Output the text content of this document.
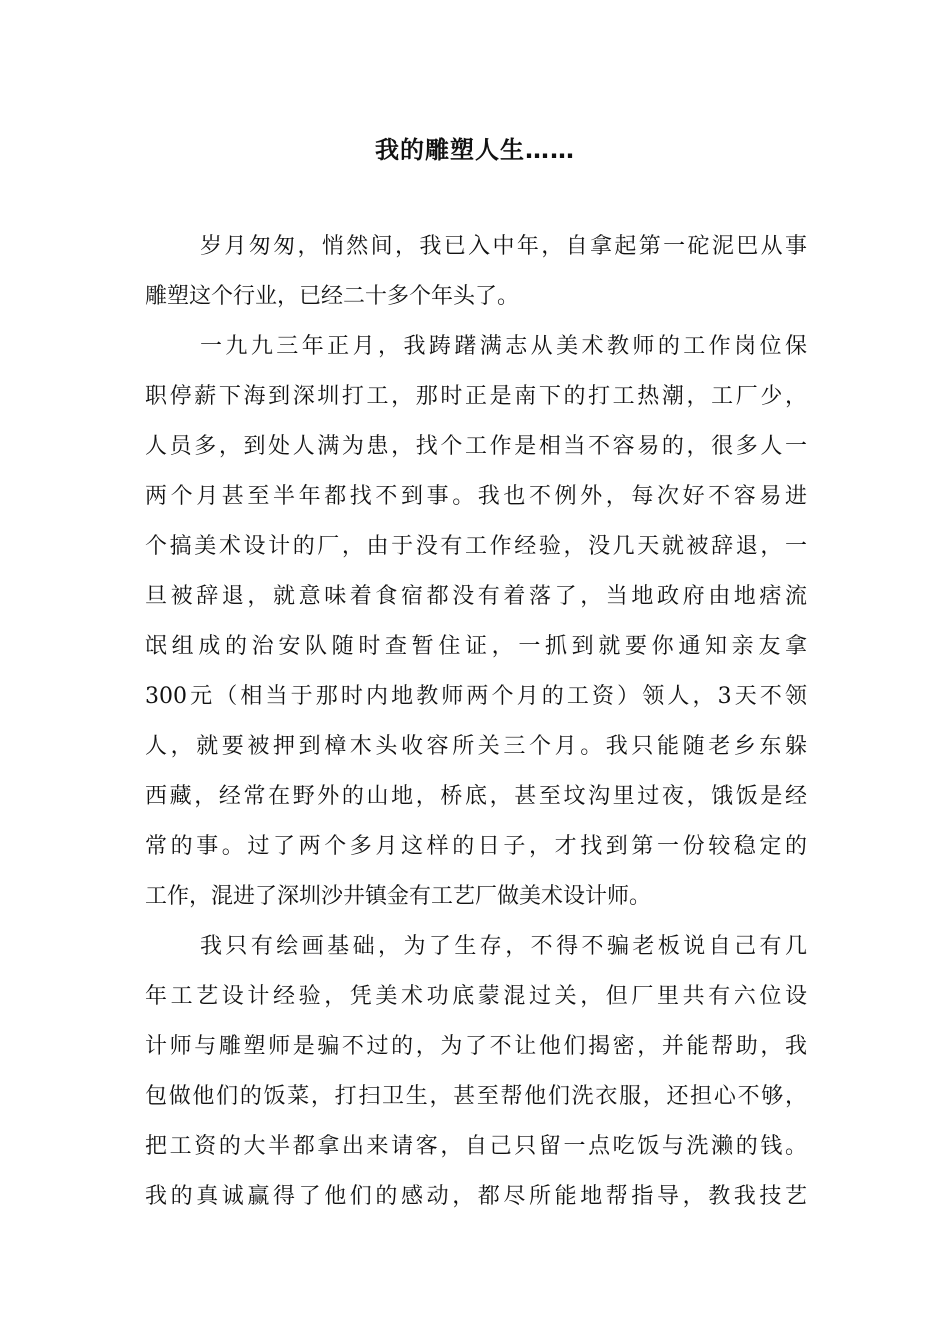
我的雕塑人生……
岁月匆匆，悄然间，我已入中年，自拿起第一砣泥巴从事
雕塑这个行业，已经二十多个年头了。
一九九三年正月，我踌躇满志从美术教师的工作岗位保
职停薪下海到深圳打工，那时正是南下的打工热潮，工厂少，
人员多，到处人满为患，找个工作是相当不容易的，很多人一
两个月甚至半年都找不到事。我也不例外，每次好不容易进
个搞美术设计的厂，由于没有工作经验，没几天就被辞退，一
旦被辞退，就意味着食宿都没有着落了，当地政府由地痞流
氓组成的治安队随时查暂住证，一抓到就要你通知亲友拿
300元（相当于那时内地教师两个月的工资）领人，3天不领
人，就要被押到樟木头收容所关三个月。我只能随老乡东躲
西藏，经常在野外的山地，桥底，甚至坟沟里过夜，饿饭是经
常的事。过了两个多月这样的日子，才找到第一份较稳定的
工作，混进了深圳沙井镇金有工艺厂做美术设计师。
我只有绘画基础，为了生存，不得不骗老板说自己有几
年工艺设计经验，凭美术功底蒙混过关，但厂里共有六位设
计师与雕塑师是骗不过的，为了不让他们揭密，并能帮助，我
包做他们的饭菜，打扫卫生，甚至帮他们洗衣服，还担心不够，
把工资的大半都拿出来请客，自己只留一点吃饭与洗濑的钱。
我的真诚赢得了他们的感动，都尽所能地帮指导，教我技艺
